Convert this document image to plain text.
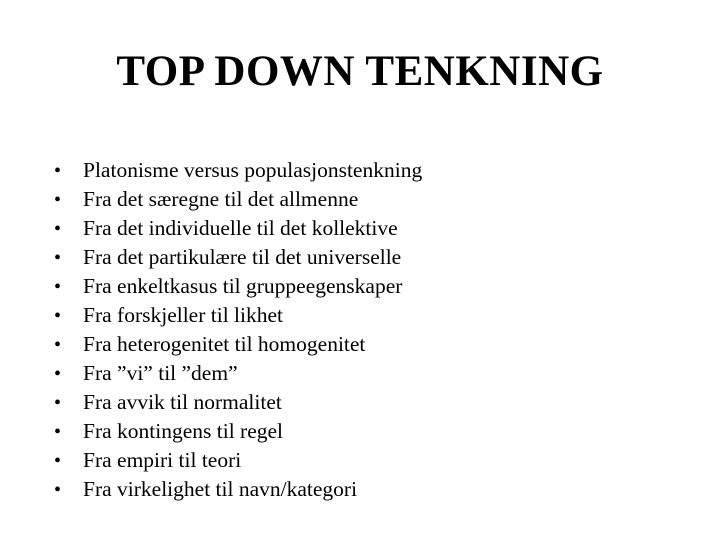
TOP DOWN TENKNING
•	Platonisme versus populasjonstenkning
•	Fra det særegne til det allmenne
•	Fra det individuelle til det kollektive
•	Fra det partikulære til det universelle
•	Fra enkeltkasus til gruppeegenskaper
•	Fra forskjeller til likhet
•	Fra heterogenitet til homogenitet
•	Fra ”vi” til ”dem”
•	Fra avvik til normalitet
•	Fra kontingens til regel
•	Fra empiri til teori
•	Fra virkelighet til navn/kategori
